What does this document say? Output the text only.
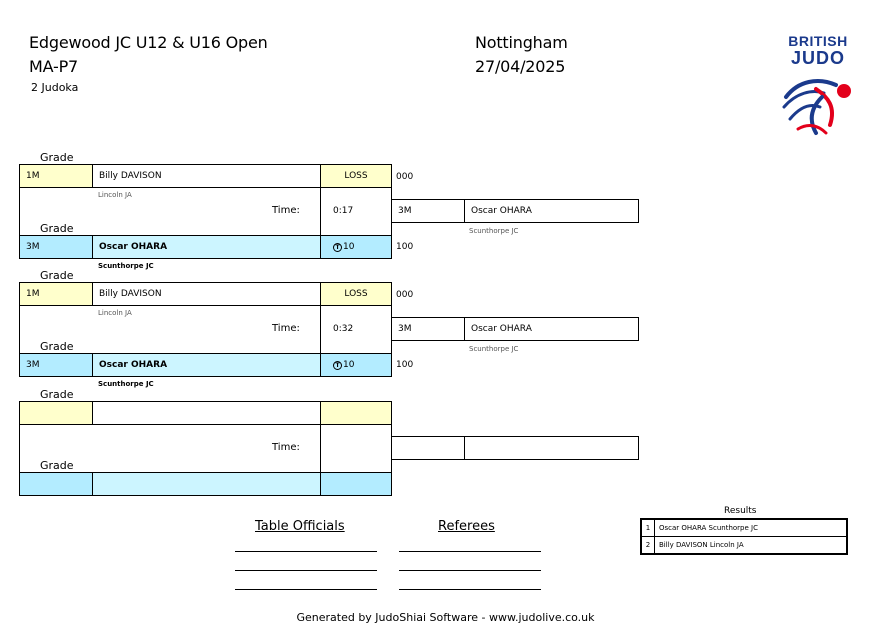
Edgewood JC U12 & U16 Open
MA-P7
2 Judoka
Nottingham
27/04/2025
BRITISH
JUDO
Grade
1M	Billy DAVISON	LOSS	000
Lincoln JA
Time:	0:17
Grade
3M	Oscar OHARA	T 10	100
Scunthorpe JC
3M	Oscar OHARA
Scunthorpe JC
Grade
1M	Billy DAVISON	LOSS	000
Lincoln JA
Time:	0:32
Grade
3M	Oscar OHARA	T 10	100
Scunthorpe JC
3M	Oscar OHARA
Scunthorpe JC
Grade
Time:
Grade
Table Officials	Referees
Results
1	Oscar OHARA Scunthorpe JC
2	Billy DAVISON Lincoln JA
Generated by JudoShiai Software - www.judolive.co.uk
